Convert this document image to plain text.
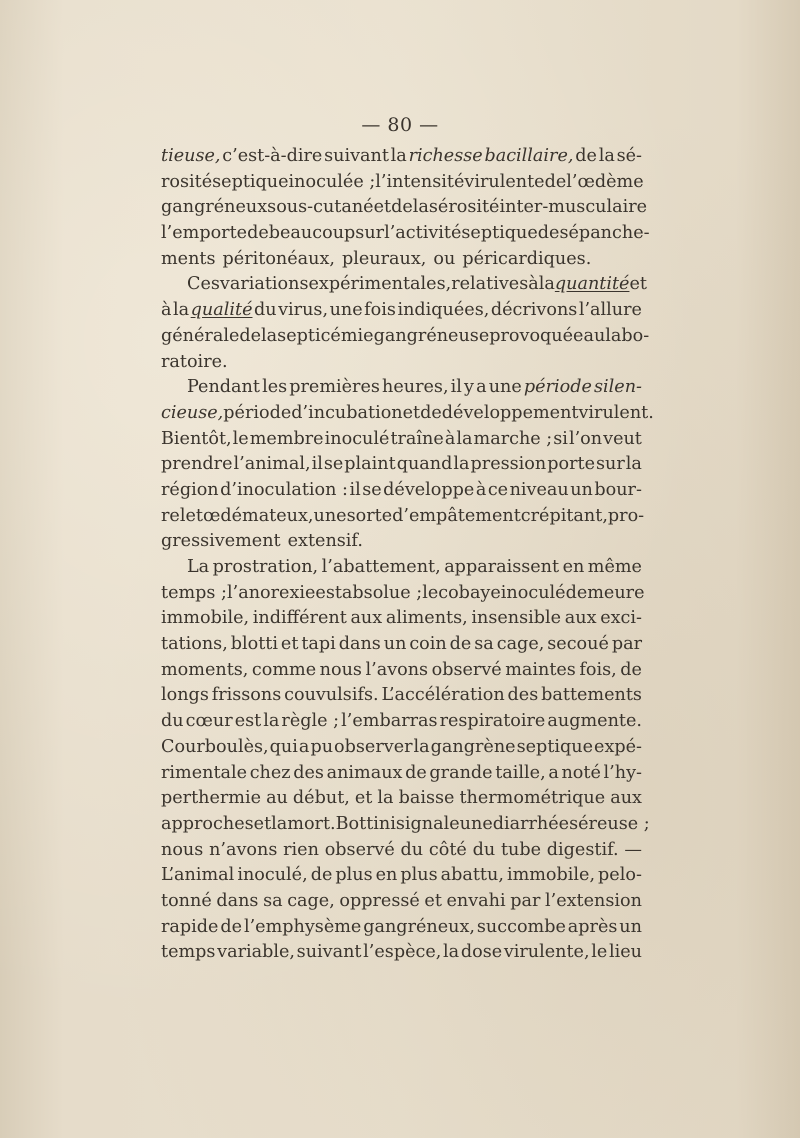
— 80 —
tieuse, c’est-à-dire suivant la richesse bacillaire, de la sé-
rosité septique inoculée ; l’intensité virulente de l’œdème
gangréneux sous-cutané et de la sérosité inter-musculaire
l’emporte de beaucoup sur l’activité septique des épanche-
ments péritonéaux, pleuraux, ou péricardiques.
Ces variations expérimentales, relatives à la quantité et
à la qualité du virus, une fois indiquées, décrivons l’allure
générale de la septicémie gangréneuse provoquée au labo-
ratoire.
Pendant les premières heures, il y a une période silen-
cieuse, période d’incubation et de développement virulent.
Bientôt, le membre inoculé traîne à la marche ; si l’on veut
prendre l’animal, il se plaint quand la pression porte sur la
région d’inoculation : il se développe à ce niveau un bour-
relet œdémateux, une sorte d’empâtement crépitant, pro-
gressivement extensif.
La prostration, l’abattement, apparaissent en même
temps ; l’anorexie est absolue ; le cobaye inoculé demeure
immobile, indifférent aux aliments, insensible aux exci-
tations, blotti et tapi dans un coin de sa cage, secoué par
moments, comme nous l’avons observé maintes fois, de
longs frissons couvulsifs. L’accélération des battements
du cœur est la règle ; l’embarras respiratoire augmente.
Courboulès, qui a pu observer la gangrène septique expé-
rimentale chez des animaux de grande taille, a noté l’hy-
perthermie au début, et la baisse thermométrique aux
approches et la mort. Bottini signale une diarrhée séreuse ;
nous n’avons rien observé du côté du tube digestif. —
L’animal inoculé, de plus en plus abattu, immobile, pelo-
tonné dans sa cage, oppressé et envahi par l’extension
rapide de l’emphysème gangréneux, succombe après un
temps variable, suivant l’espèce, la dose virulente, le lieu
